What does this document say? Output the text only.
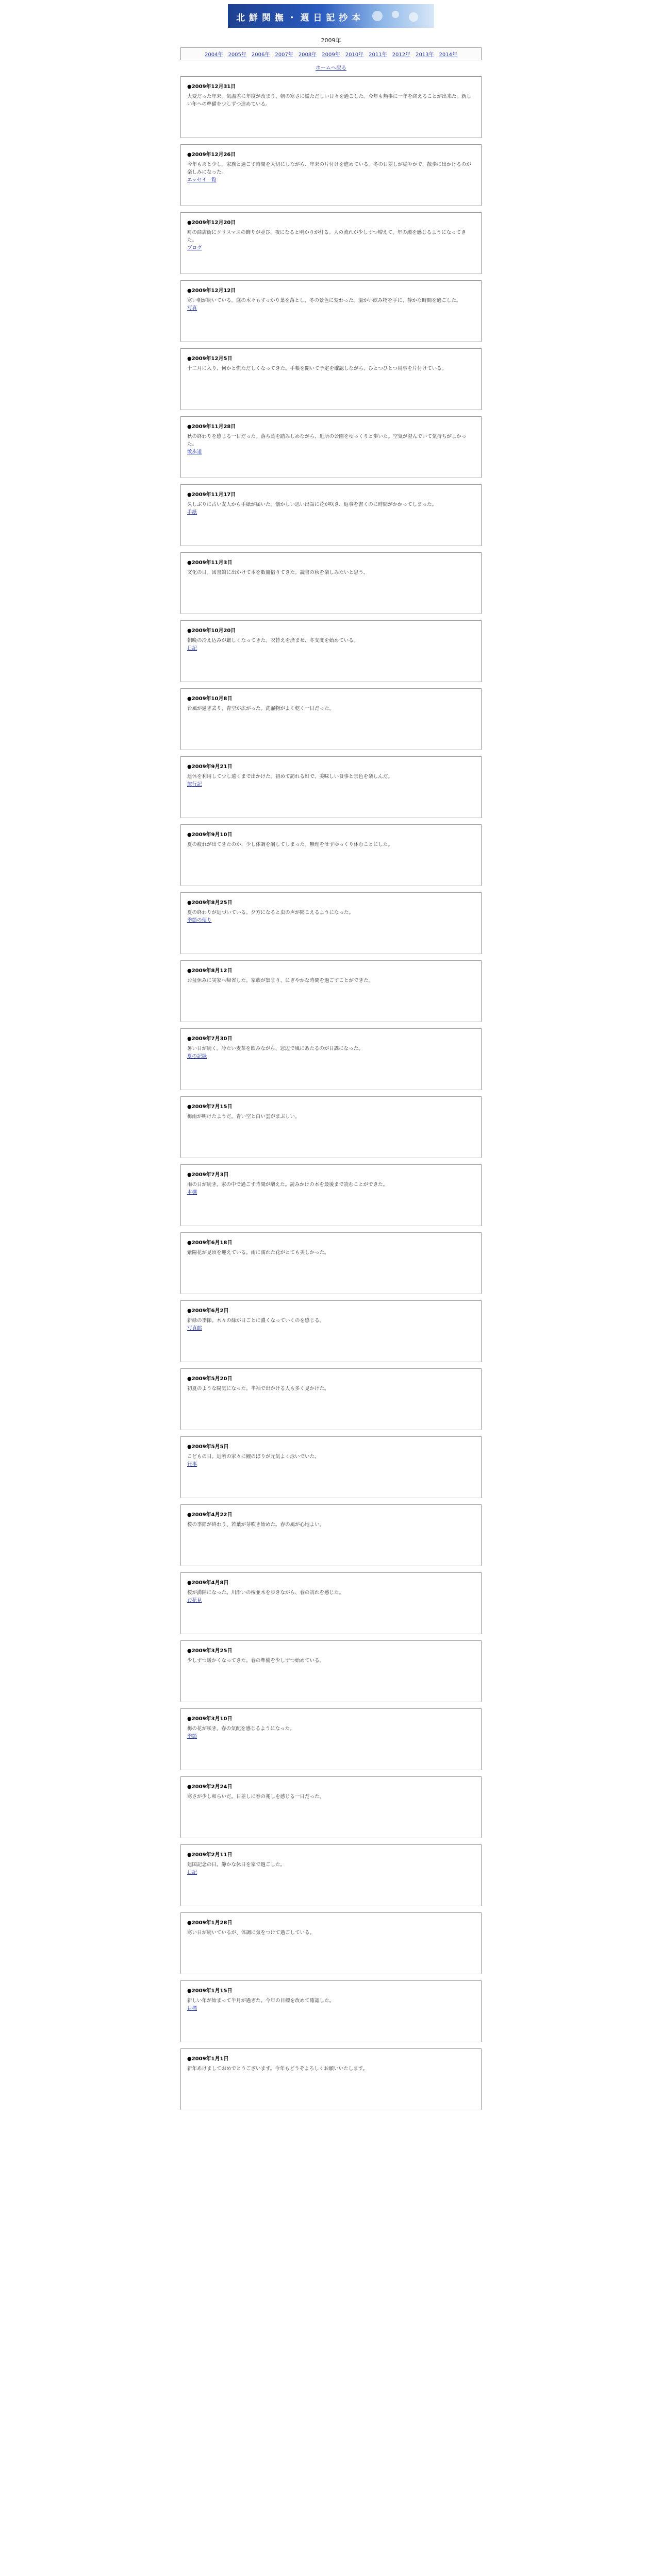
北 鮮 関 撫 ・ 週 日 記 抄 本
2009年
2004年 2005年 2006年 2007年 2008年 2009年 2010年 2011年 2012年 2013年 2014年
ホームへ戻る
●2009年12月31日
大変だった年末。気温差に年度が改まり、朝の寒さに慌ただしい日々を過ごした。今年も無事に一年を終えることが出来た。新しい年への準備を少しずつ進めている。
●2009年12月26日
今年もあと少し。家族と過ごす時間を大切にしながら、年末の片付けを進めている。冬の日差しが穏やかで、散歩に出かけるのが楽しみになった。
エッセイ一覧
●2009年12月20日
町の商店街にクリスマスの飾りが並び、夜になると明かりが灯る。人の流れが少しずつ増えて、年の瀬を感じるようになってきた。
ブログ
●2009年12月12日
寒い朝が続いている。庭の木々もすっかり葉を落とし、冬の景色に変わった。温かい飲み物を手に、静かな時間を過ごした。
写真
●2009年12月5日
十二月に入り、何かと慌ただしくなってきた。手帳を開いて予定を確認しながら、ひとつひとつ用事を片付けている。
●2009年11月28日
秋の終わりを感じる一日だった。落ち葉を踏みしめながら、近所の公園をゆっくりと歩いた。空気が澄んでいて気持ちがよかった。
散歩道
●2009年11月17日
久しぶりに古い友人から手紙が届いた。懐かしい思い出話に花が咲き、返事を書くのに時間がかかってしまった。
手紙
●2009年11月3日
文化の日。図書館に出かけて本を数冊借りてきた。読書の秋を楽しみたいと思う。
●2009年10月20日
朝晩の冷え込みが厳しくなってきた。衣替えを済ませ、冬支度を始めている。
日記
●2009年10月8日
台風が過ぎ去り、青空が広がった。洗濯物がよく乾く一日だった。
●2009年9月21日
連休を利用して少し遠くまで出かけた。初めて訪れる町で、美味しい食事と景色を楽しんだ。
旅行記
●2009年9月10日
夏の疲れが出てきたのか、少し体調を崩してしまった。無理をせずゆっくり休むことにした。
●2009年8月25日
夏の終わりが近づいている。夕方になると虫の声が聞こえるようになった。
季節の便り
●2009年8月12日
お盆休みに実家へ帰省した。家族が集まり、にぎやかな時間を過ごすことができた。
●2009年7月30日
暑い日が続く。冷たい麦茶を飲みながら、窓辺で風にあたるのが日課になった。
夏の記録
●2009年7月15日
梅雨が明けたようだ。青い空と白い雲がまぶしい。
●2009年7月3日
雨の日が続き、家の中で過ごす時間が増えた。読みかけの本を最後まで読むことができた。
本棚
●2009年6月18日
紫陽花が見頃を迎えている。雨に濡れた花がとても美しかった。
●2009年6月2日
新緑の季節。木々の緑が日ごとに濃くなっていくのを感じる。
写真館
●2009年5月20日
初夏のような陽気になった。半袖で出かける人も多く見かけた。
●2009年5月5日
こどもの日。近所の家々に鯉のぼりが元気よく泳いでいた。
行事
●2009年4月22日
桜の季節が終わり、若葉が芽吹き始めた。春の風が心地よい。
●2009年4月8日
桜が満開になった。川沿いの桜並木を歩きながら、春の訪れを感じた。
お花見
●2009年3月25日
少しずつ暖かくなってきた。春の準備を少しずつ始めている。
●2009年3月10日
梅の花が咲き、春の気配を感じるようになった。
季節
●2009年2月24日
寒さが少し和らいだ。日差しに春の兆しを感じる一日だった。
●2009年2月11日
建国記念の日。静かな休日を家で過ごした。
日記
●2009年1月28日
寒い日が続いているが、体調に気をつけて過ごしている。
●2009年1月15日
新しい年が始まって半月が過ぎた。今年の目標を改めて確認した。
目標
●2009年1月1日
新年あけましておめでとうございます。今年もどうぞよろしくお願いいたします。
